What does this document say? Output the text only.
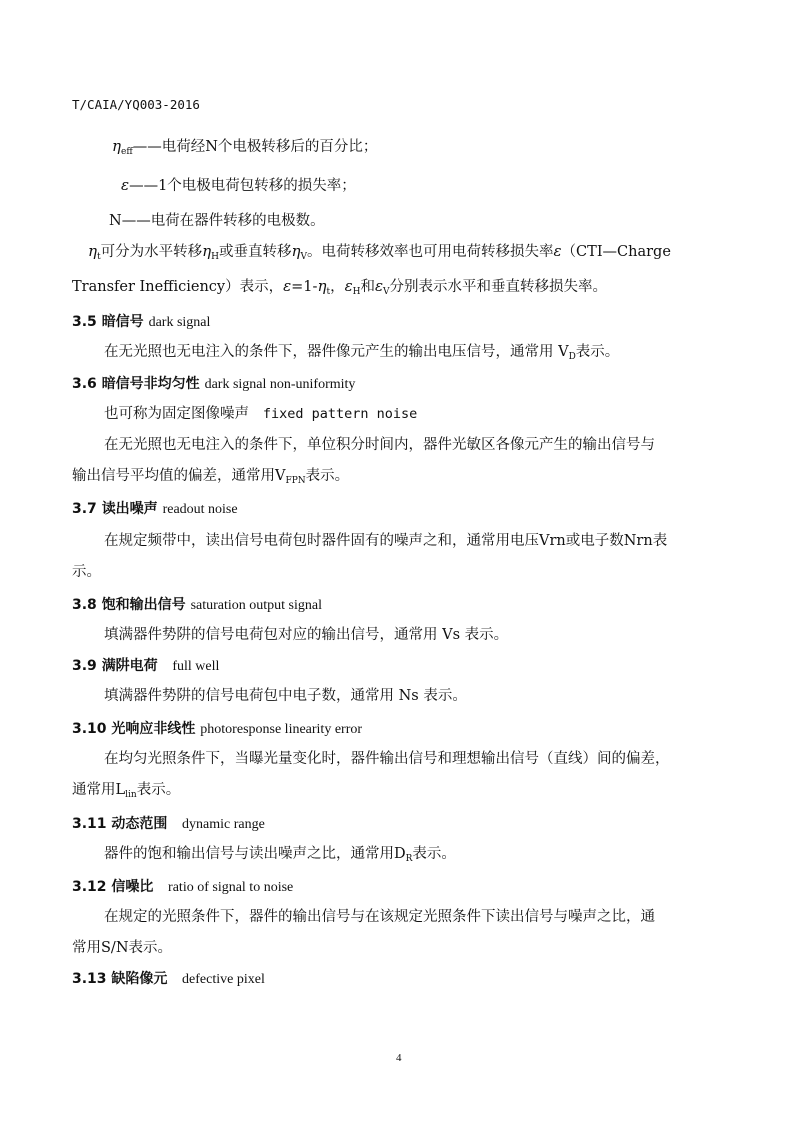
T/CAIA/YQ003-2016
$\eta_{eff}——$电荷经N个电极转移后的百分比；
ε——1个电极电荷包转移的损失率；
N——电荷在器件转移的电极数。
$\eta_t$可分为水平转移$\eta_H$或垂直转移$\eta_V$。电荷转移效率也可用电荷转移损失率ε（CTI—Charge
Transfer Inefficiency）表示，$\varepsilon=1-\eta_t$，$\varepsilon_H$和$\varepsilon_V$分别表示水平和垂直转移损失率。
3.5 暗信号 dark signal
在无光照也无电注入的条件下，器件像元产生的输出电压信号，通常用 $V_D$表示。
3.6 暗信号非均匀性 dark signal non-uniformity
也可称为固定图像噪声 fixed pattern noise
在无光照也无电注入的条件下，单位积分时间内，器件光敏区各像元产生的输出信号与
输出信号平均值的偏差，通常用$V_{FPN}$表示。
3.7 读出噪声 readout noise
在规定频带中，读出信号电荷包时器件固有的噪声之和，通常用电压Vrn或电子数Nrn表
示。
3.8 饱和输出信号 saturation output signal
填满器件势阱的信号电荷包对应的输出信号，通常用 Vs 表示。
3.9 满阱电荷 full well
填满器件势阱的信号电荷包中电子数，通常用 Ns 表示。
3.10 光响应非线性 photoresponse linearity error
在均匀光照条件下，当曝光量变化时，器件输出信号和理想输出信号（直线）间的偏差，
通常用$L_{lin}$表示。
3.11 动态范围 dynamic range
器件的饱和输出信号与读出噪声之比，通常用$D_R$表示。
3.12 信噪比 ratio of signal to noise
在规定的光照条件下，器件的输出信号与在该规定光照条件下读出信号与噪声之比，通
常用S/N表示。
3.13 缺陷像元 defective pixel
4
